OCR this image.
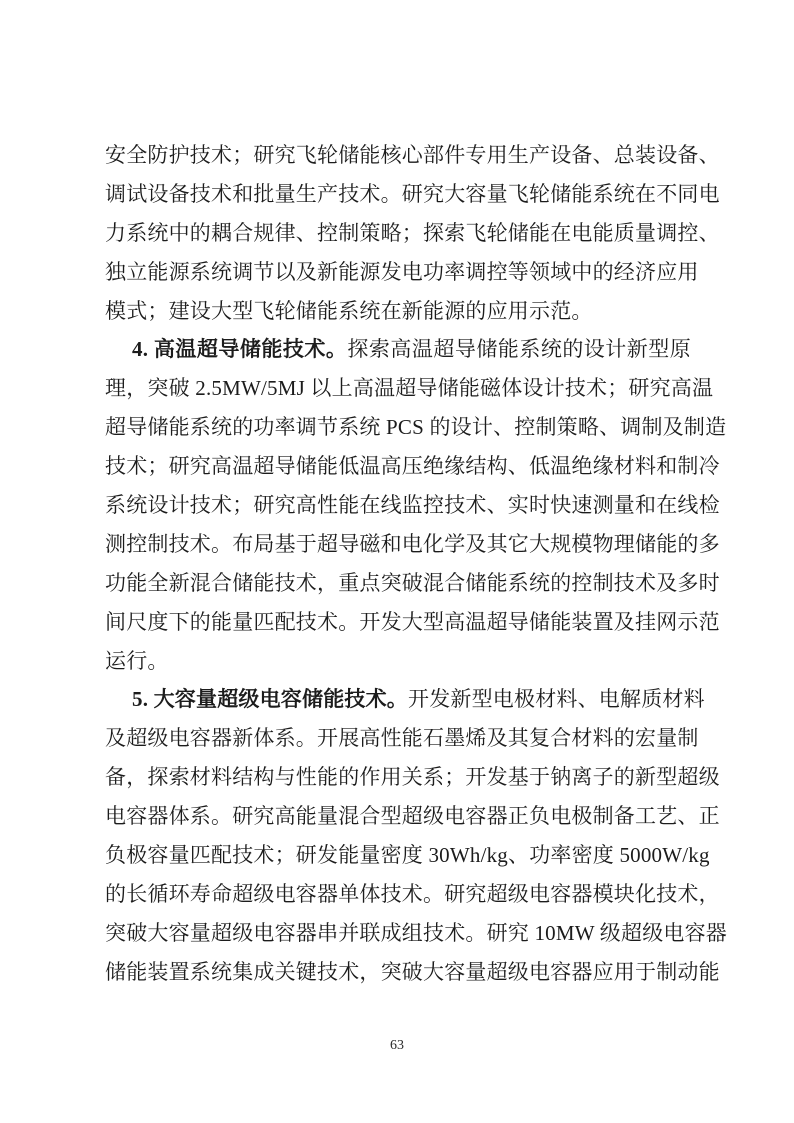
安全防护技术；研究飞轮储能核心部件专用生产设备、总装设备、
调试设备技术和批量生产技术。研究大容量飞轮储能系统在不同电
力系统中的耦合规律、控制策略；探索飞轮储能在电能质量调控、
独立能源系统调节以及新能源发电功率调控等领域中的经济应用
模式；建设大型飞轮储能系统在新能源的应用示范。
4. 高温超导储能技术。探索高温超导储能系统的设计新型原
理，突破 2.5MW/5MJ 以上高温超导储能磁体设计技术；研究高温
超导储能系统的功率调节系统 PCS 的设计、控制策略、调制及制造
技术；研究高温超导储能低温高压绝缘结构、低温绝缘材料和制冷
系统设计技术；研究高性能在线监控技术、实时快速测量和在线检
测控制技术。布局基于超导磁和电化学及其它大规模物理储能的多
功能全新混合储能技术，重点突破混合储能系统的控制技术及多时
间尺度下的能量匹配技术。开发大型高温超导储能装置及挂网示范
运行。
5. 大容量超级电容储能技术。开发新型电极材料、电解质材料
及超级电容器新体系。开展高性能石墨烯及其复合材料的宏量制
备，探索材料结构与性能的作用关系；开发基于钠离子的新型超级
电容器体系。研究高能量混合型超级电容器正负电极制备工艺、正
负极容量匹配技术；研发能量密度 30Wh/kg、功率密度 5000W/kg
的长循环寿命超级电容器单体技术。研究超级电容器模块化技术，
突破大容量超级电容器串并联成组技术。研究 10MW 级超级电容器
储能装置系统集成关键技术，突破大容量超级电容器应用于制动能
63
